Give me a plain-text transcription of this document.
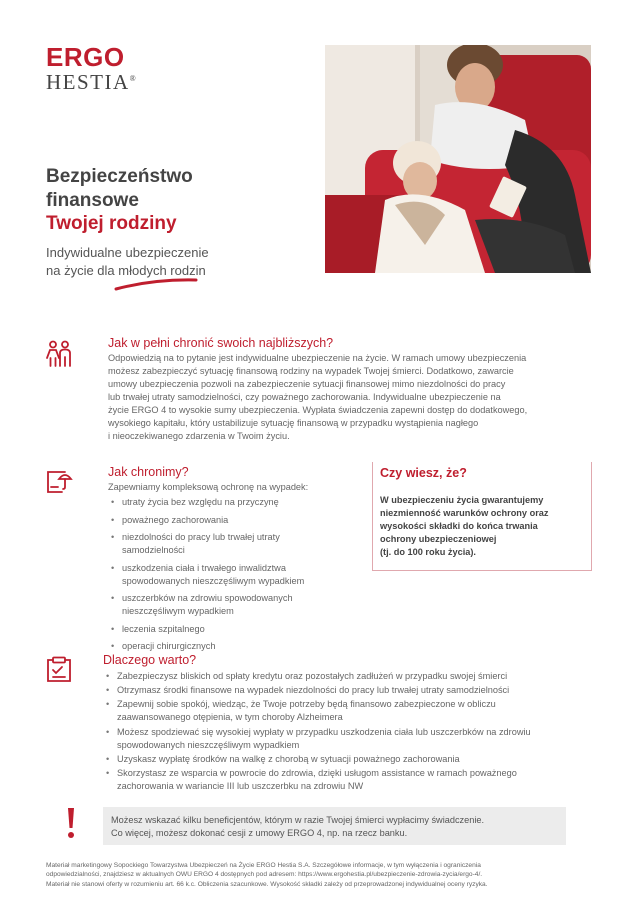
ERGO
HESTIA®
Bezpieczeństwo
finansowe
Twojej rodziny
Indywidualne ubezpieczenie
na życie dla młodych rodzin
Jak w pełni chronić swoich najbliższych?
Odpowiedzią na to pytanie jest indywidualne ubezpieczenie na życie. W ramach umowy ubezpieczenia
możesz zabezpieczyć sytuację finansową rodziny na wypadek Twojej śmierci. Dodatkowo, zawarcie
umowy ubezpieczenia pozwoli na zabezpieczenie sytuacji finansowej mimo niezdolności do pracy
lub trwałej utraty samodzielności, czy poważnego zachorowania. Indywidualne ubezpieczenie na
życie ERGO 4 to wysokie sumy ubezpieczenia. Wypłata świadczenia zapewni dostęp do dodatkowego,
wysokiego kapitału, który ustabilizuje sytuację finansową w przypadku wystąpienia nagłego
i nieoczekiwanego zdarzenia w Twoim życiu.
Jak chronimy?
Zapewniamy kompleksową ochronę na wypadek:
• utraty życia bez względu na przyczynę
• poważnego zachorowania
• niezdolności do pracy lub trwałej utraty
samodzielności
• uszkodzenia ciała i trwałego inwalidztwa
spowodowanych nieszczęśliwym wypadkiem
• uszczerbków na zdrowiu spowodowanych
nieszczęśliwym wypadkiem
• leczenia szpitalnego
• operacji chirurgicznych
Czy wiesz, że?
W ubezpieczeniu życia gwarantujemy
niezmienność warunków ochrony oraz
wysokości składki do końca trwania
ochrony ubezpieczeniowej
(tj. do 100 roku życia).
Dlaczego warto?
• Zabezpieczysz bliskich od spłaty kredytu oraz pozostałych zadłużeń w przypadku swojej śmierci
• Otrzymasz środki finansowe na wypadek niezdolności do pracy lub trwałej utraty samodzielności
• Zapewnij sobie spokój, wiedząc, że Twoje potrzeby będą finansowo zabezpieczone w obliczu
zaawansowanego otępienia, w tym choroby Alzheimera
• Możesz spodziewać się wysokiej wypłaty w przypadku uszkodzenia ciała lub uszczerbków na zdrowiu
spowodowanych nieszczęśliwym wypadkiem
• Uzyskasz wypłatę środków na walkę z chorobą w sytuacji poważnego zachorowania
• Skorzystasz ze wsparcia w powrocie do zdrowia, dzięki usługom assistance w ramach poważnego
zachorowania w wariancie III lub uszczerbku na zdrowiu NW
Możesz wskazać kilku beneficjentów, którym w razie Twojej śmierci wypłacimy świadczenie.
Co więcej, możesz dokonać cesji z umowy ERGO 4, np. na rzecz banku.
Materiał marketingowy Sopockiego Towarzystwa Ubezpieczeń na Życie ERGO Hestia S.A. Szczegółowe informacje, w tym wyłączenia i ograniczenia
odpowiedzialności, znajdziesz w aktualnych OWU ERGO 4 dostępnych pod adresem: https://www.ergohestia.pl/ubezpieczenie-zdrowia-zycia/ergo-4/.
Materiał nie stanowi oferty w rozumieniu art. 66 k.c. Obliczenia szacunkowe. Wysokość składki zależy od przeprowadzonej indywidualnej oceny ryzyka.
